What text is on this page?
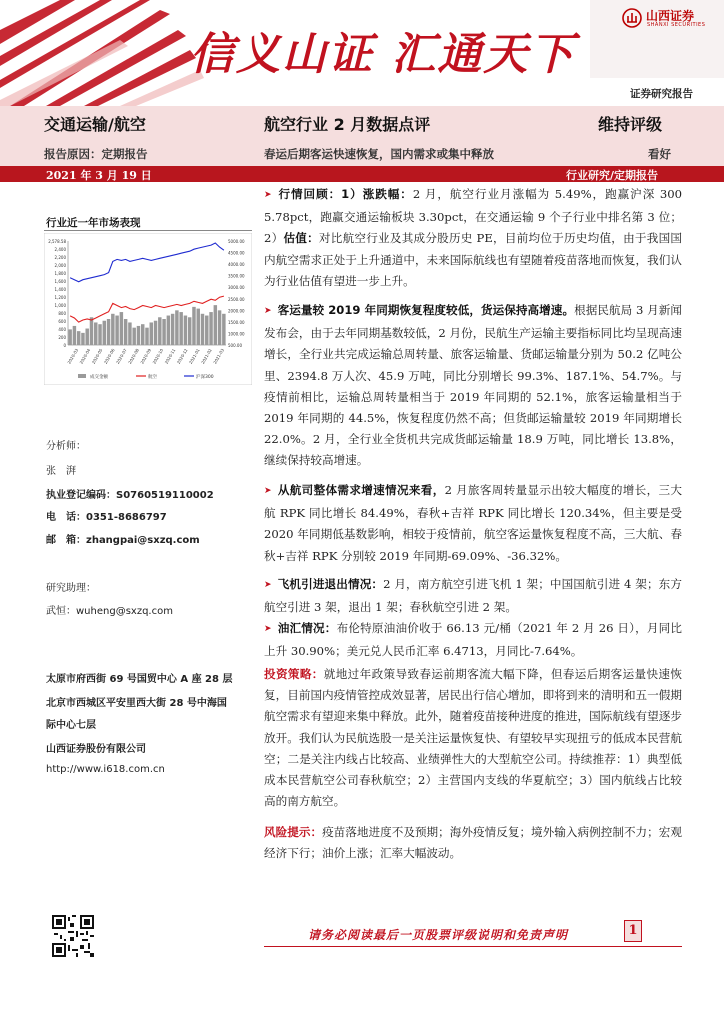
信义山证 汇通天下
山西证券
SHANXI SECURITIES
证券研究报告
交通运输/航空	航空行业 2 月数据点评	维持评级
报告原因：定期报告	春运后期客运快速恢复，国内需求或集中释放	看好
2021 年 3 月 19 日	行业研究/定期报告
行业近一年市场表现
2,578.58
2,400
2,200
2,000
1,800
1,600
1,400
1,200
1,000
800
600
400
200
0
5000.00
4500.00
4000.00
3500.00
3000.00
2500.00
2000.00
1500.00
1000.00
500.00
2020-03 2020-04 2020-05 2020-06 2020-07 2020-08 2020-09 2020-10 2020-11 2020-12 2021-01 2021-02 2021-03
成交金额	航空	沪深300
分析师：
张　湃
执业登记编码：S0760519110002
电　话：0351-8686797
邮　箱：zhangpai@sxzq.com
研究助理：
武恒：wuheng@sxzq.com
太原市府西街 69 号国贸中心 A 座 28 层
北京市西城区平安里西大街 28 号中海国
际中心七层
山西证券股份有限公司
http://www.i618.com.cn
➤ 行情回顾：1）涨跌幅：2 月，航空行业月涨幅为 5.49%，跑赢沪深 300 5.78pct，跑赢交通运输板块 3.30pct，在交通运输 9 个子行业中排名第 3 位；2）估值：对比航空行业及其成分股历史 PE，目前均位于历史均值，由于我国国内航空需求正处于上升通道中，未来国际航线也有望随着疫苗落地而恢复，我们认为行业估值有望进一步上升。
➤ 客运量较 2019 年同期恢复程度较低，货运保持高增速。根据民航局 3 月新闻发布会，由于去年同期基数较低，2 月份，民航生产运输主要指标同比均呈现高速增长，全行业共完成运输总周转量、旅客运输量、货邮运输量分别为 50.2 亿吨公里、2394.8 万人次、45.9 万吨，同比分别增长 99.3%、187.1%、54.7%。与疫情前相比，运输总周转量相当于 2019 年同期的 52.1%，旅客运输量相当于 2019 年同期的 44.5%，恢复程度仍然不高；但货邮运输量较 2019 年同期增长 22.0%。2 月，全行业全货机共完成货邮运输量 18.9 万吨，同比增长 13.8%，继续保持较高增速。
➤ 从航司整体需求增速情况来看，2 月旅客周转量显示出较大幅度的增长，三大航 RPK 同比增长 84.49%，春秋+吉祥 RPK 同比增长 120.34%，但主要是受 2020 年同期低基数影响，相较于疫情前，航空客运量恢复程度不高，三大航、春秋+吉祥 RPK 分别较 2019 年同期-69.09%、-36.32%。
➤ 飞机引进退出情况：2 月，南方航空引进飞机 1 架；中国国航引进 4 架；东方航空引进 3 架，退出 1 架；春秋航空引进 2 架。
➤ 油汇情况：布伦特原油油价收于 66.13 元/桶（2021 年 2 月 26 日），月同比上升 30.90%；美元兑人民币汇率 6.4713，月同比-7.64%。
投资策略：就地过年政策导致春运前期客流大幅下降，但春运后期客运量快速恢复，目前国内疫情管控成效显著，居民出行信心增加，即将到来的清明和五一假期航空需求有望迎来集中释放。此外，随着疫苗接种进度的推进，国际航线有望逐步放开。我们认为民航选股一是关注运量恢复快、有望较早实现扭亏的低成本民营航空；二是关注内线占比较高、业绩弹性大的大型航空公司。持续推荐：1）典型低成本民营航空公司春秋航空；2）主营国内支线的华夏航空；3）国内航线占比较高的南方航空。
风险提示：疫苗落地进度不及预期；海外疫情反复；境外输入病例控制不力；宏观经济下行；油价上涨；汇率大幅波动。
请务必阅读最后一页股票评级说明和免责声明	1
